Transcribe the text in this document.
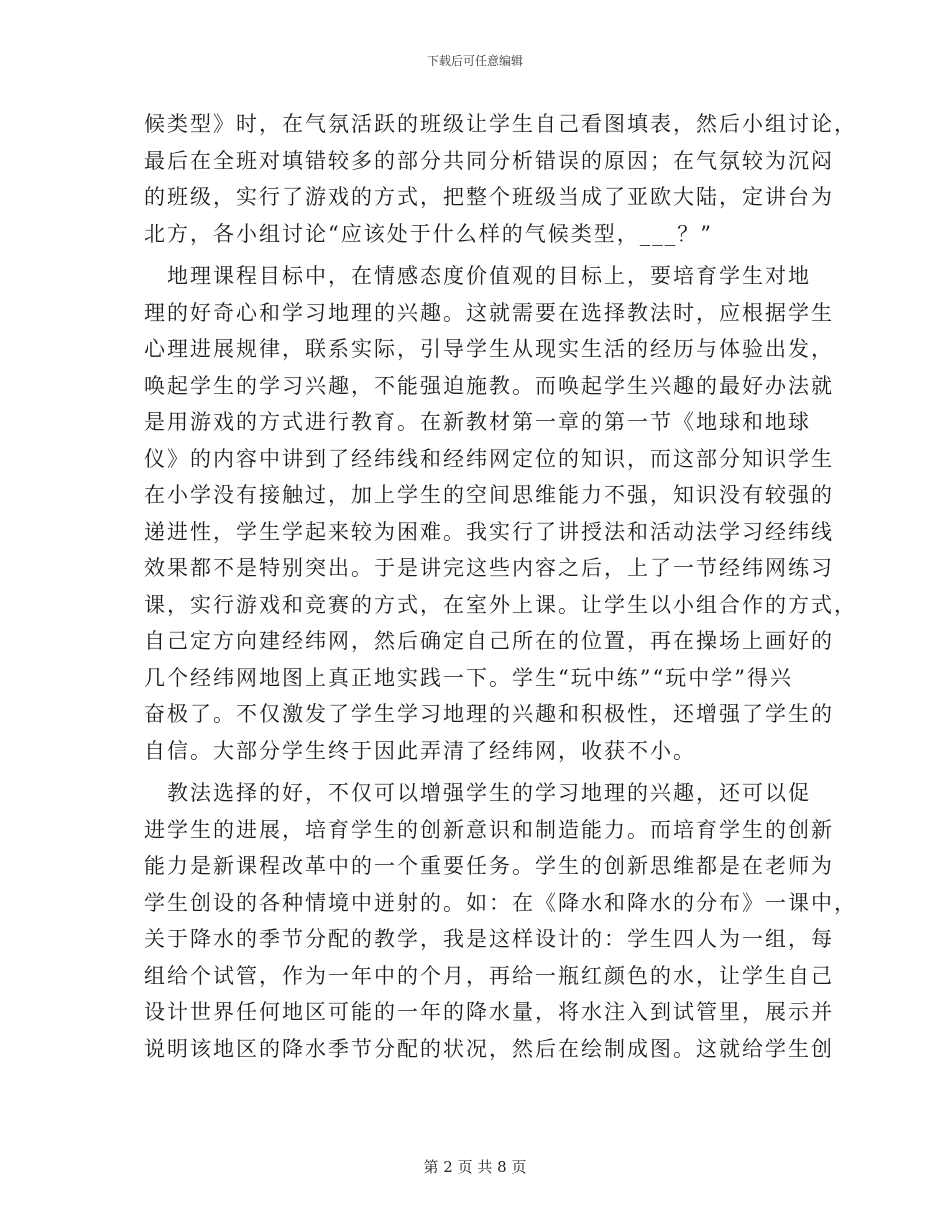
下载后可任意编辑
候类型》时，在气氛活跃的班级让学生自己看图填表，然后小组讨论，
最后在全班对填错较多的部分共同分析错误的原因；在气氛较为沉闷
的班级，实行了游戏的方式，把整个班级当成了亚欧大陆，定讲台为
北方，各小组讨论“应该处于什么样的气候类型，___？”
　地理课程目标中，在情感态度价值观的目标上，要培育学生对地
理的好奇心和学习地理的兴趣。这就需要在选择教法时，应根据学生
心理进展规律，联系实际，引导学生从现实生活的经历与体验出发，
唤起学生的学习兴趣，不能强迫施教。而唤起学生兴趣的最好办法就
是用游戏的方式进行教育。在新教材第一章的第一节《地球和地球
仪》的内容中讲到了经纬线和经纬网定位的知识，而这部分知识学生
在小学没有接触过，加上学生的空间思维能力不强，知识没有较强的
递进性，学生学起来较为困难。我实行了讲授法和活动法学习经纬线
效果都不是特别突出。于是讲完这些内容之后，上了一节经纬网练习
课，实行游戏和竞赛的方式，在室外上课。让学生以小组合作的方式，
自己定方向建经纬网，然后确定自己所在的位置，再在操场上画好的
几个经纬网地图上真正地实践一下。学生“玩中练”“玩中学”得兴
奋极了。不仅激发了学生学习地理的兴趣和积极性，还增强了学生的
自信。大部分学生终于因此弄清了经纬网，收获不小。
　教法选择的好，不仅可以增强学生的学习地理的兴趣，还可以促
进学生的进展，培育学生的创新意识和制造能力。而培育学生的创新
能力是新课程改革中的一个重要任务。学生的创新思维都是在老师为
学生创设的各种情境中迸射的。如：在《降水和降水的分布》一课中，
关于降水的季节分配的教学，我是这样设计的：学生四人为一组，每
组给个试管，作为一年中的个月，再给一瓶红颜色的水，让学生自己
设计世界任何地区可能的一年的降水量，将水注入到试管里，展示并
说明该地区的降水季节分配的状况，然后在绘制成图。这就给学生创
第 2 页 共 8 页
